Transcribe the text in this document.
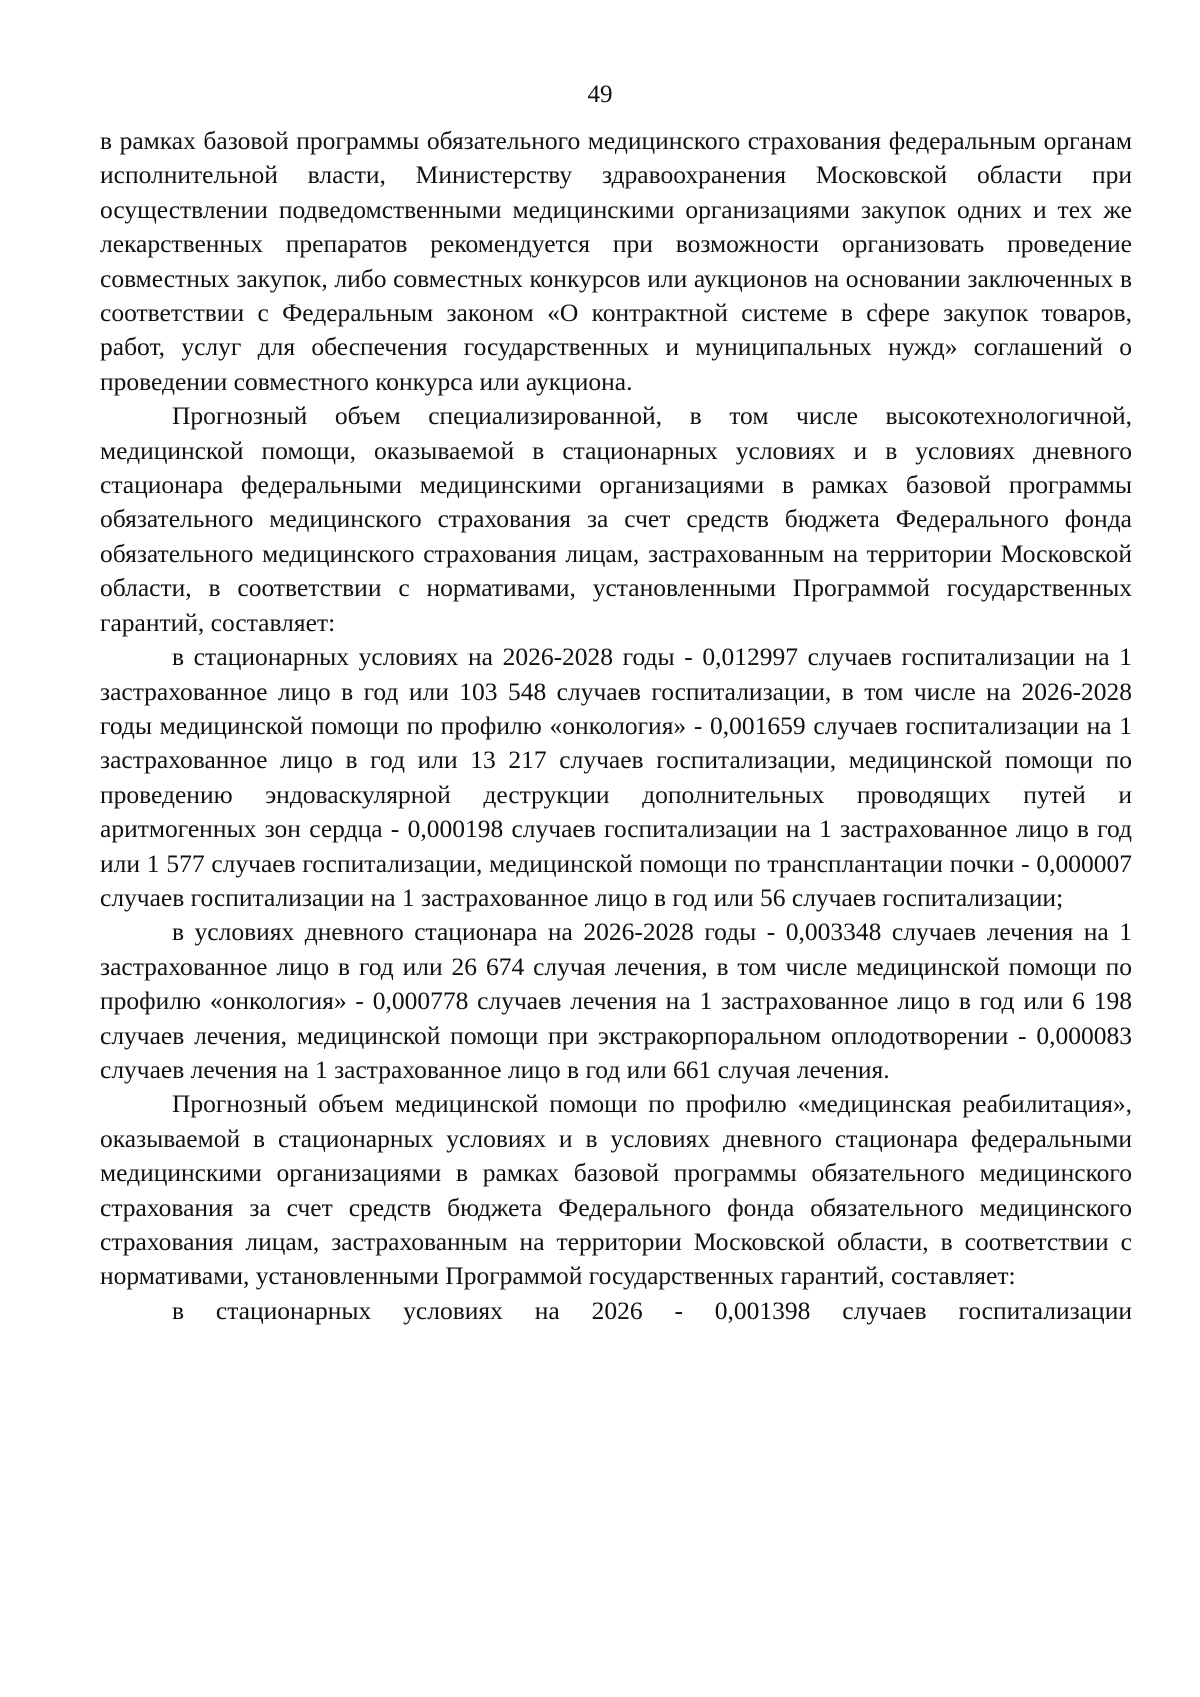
49

в рамках базовой программы обязательного медицинского страхования федеральным органам исполнительной власти, Министерству здравоохранения Московской области при осуществлении подведомственными медицинскими организациями закупок одних и тех же лекарственных препаратов рекомендуется при возможности организовать проведение совместных закупок, либо совместных конкурсов или аукционов на основании заключенных в соответствии с Федеральным законом «О контрактной системе в сфере закупок товаров, работ, услуг для обеспечения государственных и муниципальных нужд» соглашений о проведении совместного конкурса или аукциона.

Прогнозный объем специализированной, в том числе высокотехнологичной, медицинской помощи, оказываемой в стационарных условиях и в условиях дневного стационара федеральными медицинскими организациями в рамках базовой программы обязательного медицинского страхования за счет средств бюджета Федерального фонда обязательного медицинского страхования лицам, застрахованным на территории Московской области, в соответствии с нормативами, установленными Программой государственных гарантий, составляет:

в стационарных условиях на 2026-2028 годы - 0,012997 случаев госпитализации на 1 застрахованное лицо в год или 103 548 случаев госпитализации, в том числе на 2026-2028 годы медицинской помощи по профилю «онкология» - 0,001659 случаев госпитализации на 1 застрахованное лицо в год или 13 217 случаев госпитализации, медицинской помощи по проведению эндоваскулярной деструкции дополнительных проводящих путей и аритмогенных зон сердца - 0,000198 случаев госпитализации на 1 застрахованное лицо в год или 1 577 случаев госпитализации, медицинской помощи по трансплантации почки - 0,000007 случаев госпитализации на 1 застрахованное лицо в год или 56 случаев госпитализации;

в условиях дневного стационара на 2026-2028 годы - 0,003348 случаев лечения на 1 застрахованное лицо в год или 26 674 случая лечения, в том числе медицинской помощи по профилю «онкология» - 0,000778 случаев лечения на 1 застрахованное лицо в год или 6 198 случаев лечения, медицинской помощи при экстракорпоральном оплодотворении - 0,000083 случаев лечения на 1 застрахованное лицо в год или 661 случая лечения.

Прогнозный объем медицинской помощи по профилю «медицинская реабилитация», оказываемой в стационарных условиях и в условиях дневного стационара федеральными медицинскими организациями в рамках базовой программы обязательного медицинского страхования за счет средств бюджета Федерального фонда обязательного медицинского страхования лицам, застрахованным на территории Московской области, в соответствии с нормативами, установленными Программой государственных гарантий, составляет:

в стационарных условиях на 2026 - 0,001398 случаев госпитализации
